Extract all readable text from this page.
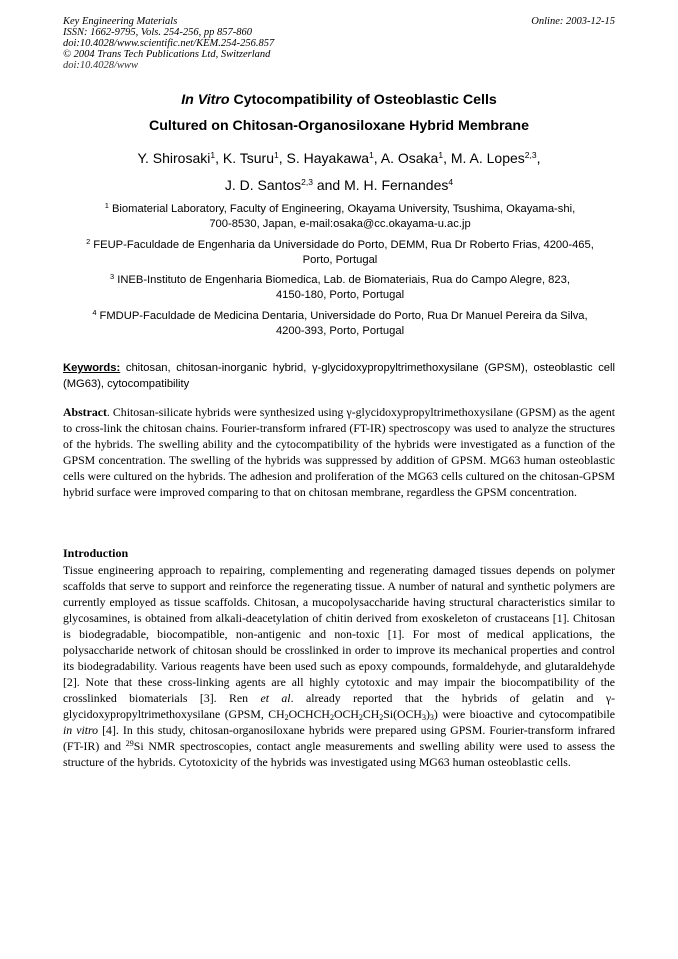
Key Engineering Materials	Online: 2003-12-15
ISSN: 1662-9795, Vols. 254-256, pp 857-860
doi:10.4028/www.scientific.net/KEM.254-256.857
© 2004 Trans Tech Publications Ltd, Switzerland
doi:10.4028/www
In Vitro Cytocompatibility of Osteoblastic Cells
Cultured on Chitosan-Organosiloxane Hybrid Membrane
Y. Shirosaki$^1$, K. Tsuru$^1$, S. Hayakawa$^1$, A. Osaka$^1$, M. A. Lopes$^{2,3}$,
J. D. Santos$^{2,3}$ and M. H. Fernandes$^4$
$^1$ Biomaterial Laboratory, Faculty of Engineering, Okayama University, Tsushima, Okayama-shi,
700-8530, Japan, e-mail:osaka@cc.okayama-u.ac.jp
$^2$ FEUP-Faculdade de Engenharia da Universidade do Porto, DEMM, Rua Dr Roberto Frias, 4200-465,
Porto, Portugal
$^3$ INEB-Instituto de Engenharia Biomedica, Lab. de Biomateriais, Rua do Campo Alegre, 823,
4150-180, Porto, Portugal
$^4$ FMDUP-Faculdade de Medicina Dentaria, Universidade do Porto, Rua Dr Manuel Pereira da Silva,
4200-393, Porto, Portugal
Keywords: chitosan, chitosan-inorganic hybrid, γ-glycidoxypropyltrimethoxysilane (GPSM), osteoblastic cell (MG63), cytocompatibility
Abstract. Chitosan-silicate hybrids were synthesized using γ-glycidoxypropyltrimethoxysilane (GPSM) as the agent to cross-link the chitosan chains. Fourier-transform infrared (FT-IR) spectroscopy was used to analyze the structures of the hybrids. The swelling ability and the cytocompatibility of the hybrids were investigated as a function of the GPSM concentration. The swelling of the hybrids was suppressed by addition of GPSM. MG63 human osteoblastic cells were cultured on the hybrids. The adhesion and proliferation of the MG63 cells cultured on the chitosan-GPSM hybrid surface were improved comparing to that on chitosan membrane, regardless the GPSM concentration.
Introduction
Tissue engineering approach to repairing, complementing and regenerating damaged tissues depends on polymer scaffolds that serve to support and reinforce the regenerating tissue. A number of natural and synthetic polymers are currently employed as tissue scaffolds. Chitosan, a mucopolysaccharide having structural characteristics similar to glycosamines, is obtained from alkali-deacetylation of chitin derived from exoskeleton of crustaceans [1]. Chitosan is biodegradable, biocompatible, non-antigenic and non-toxic [1]. For most of medical applications, the polysaccharide network of chitosan should be crosslinked in order to improve its mechanical properties and control its biodegradability. Various reagents have been used such as epoxy compounds, formaldehyde, and glutaraldehyde [2]. Note that these cross-linking agents are all highly cytotoxic and may impair the biocompatibility of the crosslinked biomaterials [3]. Ren et al. already reported that the hybrids of gelatin and γ-glycidoxypropyltrimethoxysilane (GPSM, $CH_2OCHCH_2OCH_2CH_2Si(OCH_3)_3$) were bioactive and cytocompatibile in vitro [4]. In this study, chitosan-organosiloxane hybrids were prepared using GPSM. Fourier-transform infrared (FT-IR) and $^{29}$Si NMR spectroscopies, contact angle measurements and swelling ability were used to assess the structure of the hybrids. Cytotoxicity of the hybrids was investigated using MG63 human osteoblastic cells.
